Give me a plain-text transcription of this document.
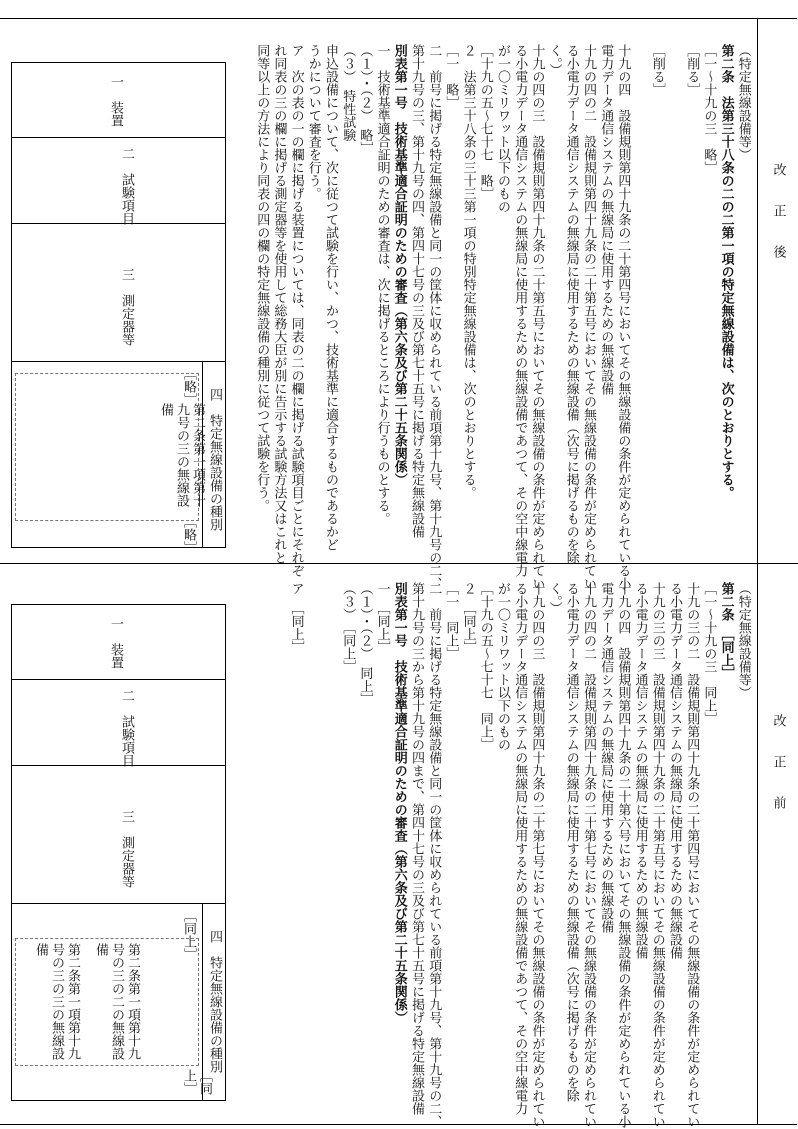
改正後
（特定無線設備等）
第二条　法第三十八条の二の二第一項の特定無線設備は、次のとおりとする。
［一～十九の三　略］
［削る］
［削る］
十九の四　設備規則第四十九条の二十第四号においてその無線設備の条件が定められている小
電力データ通信システムの無線局に使用するための無線設備
十九の四の二　設備規則第四十九条の二十第五号においてその無線設備の条件が定められてい
る小電力データ通信システムの無線局に使用するための無線設備（次号に掲げるものを除
く。）
十九の四の三　設備規則第四十九条の二十第五号においてその無線設備の条件が定められてい
る小電力データ通信システムの無線局に使用するための無線設備であつて、その空中線電力
が一〇ミリワット以下のもの
［十九の五～七十七　略］
２　法第三十八条の三十三第一項の特別特定無線設備は、次のとおりとする。
［一　略］
二　前号に掲げる特定無線設備と同一の筐体に収められている前項第十九号、第十九号の二、
第十九号の三、第十九号の四、第四十七号の三及び第七十五号に掲げる特定無線設備
別表第一号　技術基準適合証明のための審査（第六条及び第二十五条関係）
一　技術基準適合証明のための審査は、次に掲げるところにより行うものとする。
（１）・（２）　略］
（３）　特性試験
申込設備について、次に従つて試験を行い、かつ、技術基準に適合するものであるかど
うかについて審査を行う。
ア　次の表の一の欄に掲げる装置については、同表の二の欄に掲げる試験項目ごとにそれぞ
れ同表の三の欄に掲げる測定器等を使用して総務大臣が別に告示する試験方法又はこれと
同等以上の方法により同表の四の欄の特定無線設備の種別に従つて試験を行う。
一　装置
二　試験項目
三　測定器等
四　特定無線設備の種別
［略］
第二条第一項第十九号の三の無線設備
［略］
改正前
（特定無線設備等）
第二条　［同上］
［一～十九の三　同上］
十九の三の二　設備規則第四十九条の二十第四号においてその無線設備の条件が定められてい
る小電力データ通信システムの無線局に使用するための無線設備
十九の三の三　設備規則第四十九条の二十第五号においてその無線設備の条件が定められてい
る小電力データ通信システムの無線局に使用するための無線設備
十九の四　設備規則第四十九条の二十第六号においてその無線設備の条件が定められている小
電力データ通信システムの無線局に使用するための無線設備
十九の四の二　設備規則第四十九条の二十第七号においてその無線設備の条件が定められてい
る小電力データ通信システムの無線局に使用するための無線設備（次号に掲げるものを除
く。）
十九の四の三　設備規則第四十九条の二十第七号においてその無線設備の条件が定められてい
る小電力データ通信システムの無線局に使用するための無線設備であつて、その空中線電力
が一〇ミリワット以下のもの
［十九の五～七十七　同上］
２　［同上］
［一　同上］
二　前号に掲げる特定無線設備と同一の筐体に収められている前項第十九号、第十九号の二、
第十九号の三から第十九号の四まで、第四十七号の三及び第七十五号に掲げる特定無線設備
別表第一号　技術基準適合証明のための審査（第六条及び第二十五条関係）
一　［同上］
（１）・（２）　同上］
（３）　［同上］
ア　［同上］
一　装置
二　試験項目
三　測定器等
四　特定無線設備の種別
［同上］
第二条第一項第十九号の三の二の無線設備
第二条第一項第十九号の三の三の無線設備
［同上］
